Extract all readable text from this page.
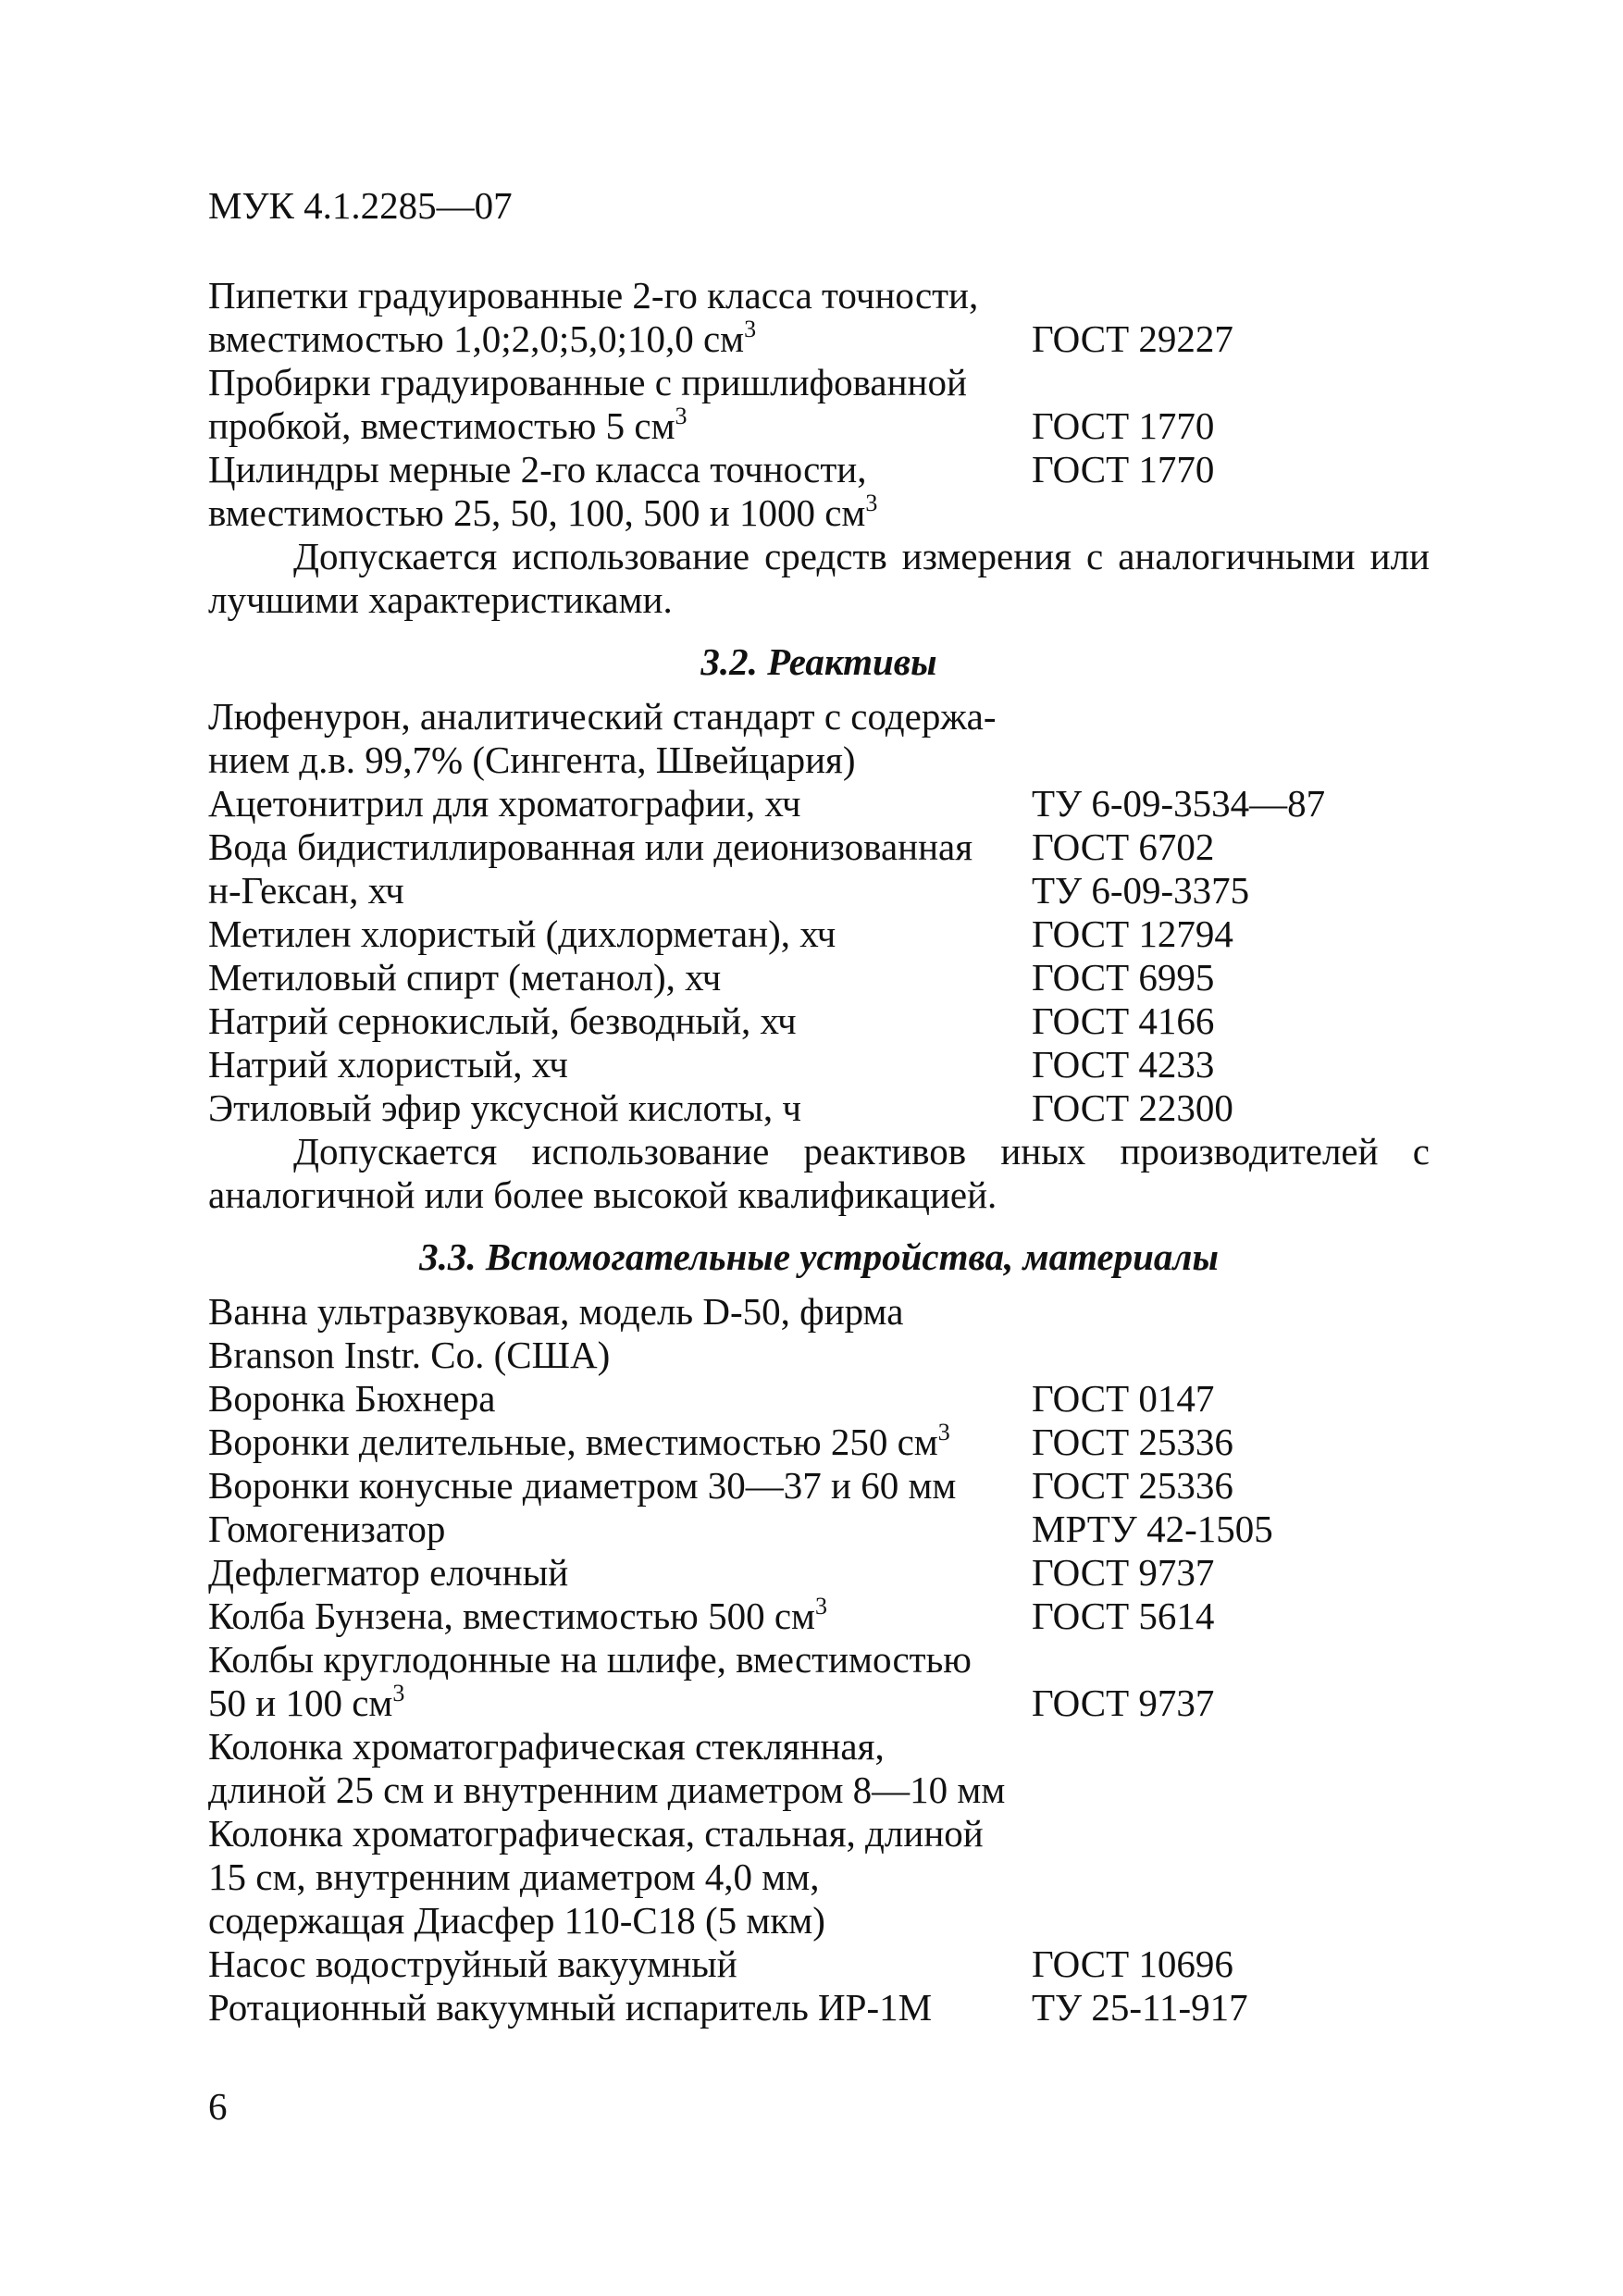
МУК 4.1.2285—07
Пипетки градуированные 2-го класса точности,
вместимостью 1,0;2,0;5,0;10,0 $см^3$	ГОСТ 29227
Пробирки градуированные с пришлифованной
пробкой, вместимостью 5 $см^3$	ГОСТ 1770
Цилиндры мерные 2-го класса точности,	ГОСТ 1770
вместимостью 25, 50, 100, 500 и 1000 $см^3$
Допускается использование средств измерения с аналогичными или лучшими характеристиками.
3.2. Реактивы
Люфенурон, аналитический стандарт с содержа-
нием д.в. 99,7% (Сингента, Швейцария)
Ацетонитрил для хроматографии, хч	ТУ 6-09-3534—87
Вода бидистиллированная или деионизованная	ГОСТ 6702
н-Гексан, хч	ТУ 6-09-3375
Метилен хлористый (дихлорметан), хч	ГОСТ 12794
Метиловый спирт (метанол), хч	ГОСТ 6995
Натрий сернокислый, безводный, хч	ГОСТ 4166
Натрий хлористый, хч	ГОСТ 4233
Этиловый эфир уксусной кислоты, ч	ГОСТ 22300
Допускается использование реактивов иных производителей с аналогичной или более высокой квалификацией.
3.3. Вспомогательные устройства, материалы
Ванна ультразвуковая, модель D-50, фирма
Branson Instr. Co. (США)
Воронка Бюхнера	ГОСТ 0147
Воронки делительные, вместимостью 250 $см^3$	ГОСТ 25336
Воронки конусные диаметром 30—37 и 60 мм	ГОСТ 25336
Гомогенизатор	МРТУ 42-1505
Дефлегматор елочный	ГОСТ 9737
Колба Бунзена, вместимостью 500 $см^3$	ГОСТ 5614
Колбы круглодонные на шлифе, вместимостью
50 и 100 $см^3$	ГОСТ 9737
Колонка хроматографическая стеклянная,
длиной 25 см и внутренним диаметром 8—10 мм
Колонка хроматографическая, стальная, длиной
15 см, внутренним диаметром 4,0 мм,
содержащая Диасфер 110-С18 (5 мкм)
Насос водоструйный вакуумный	ГОСТ 10696
Ротационный вакуумный испаритель ИР-1М	ТУ 25-11-917
6
